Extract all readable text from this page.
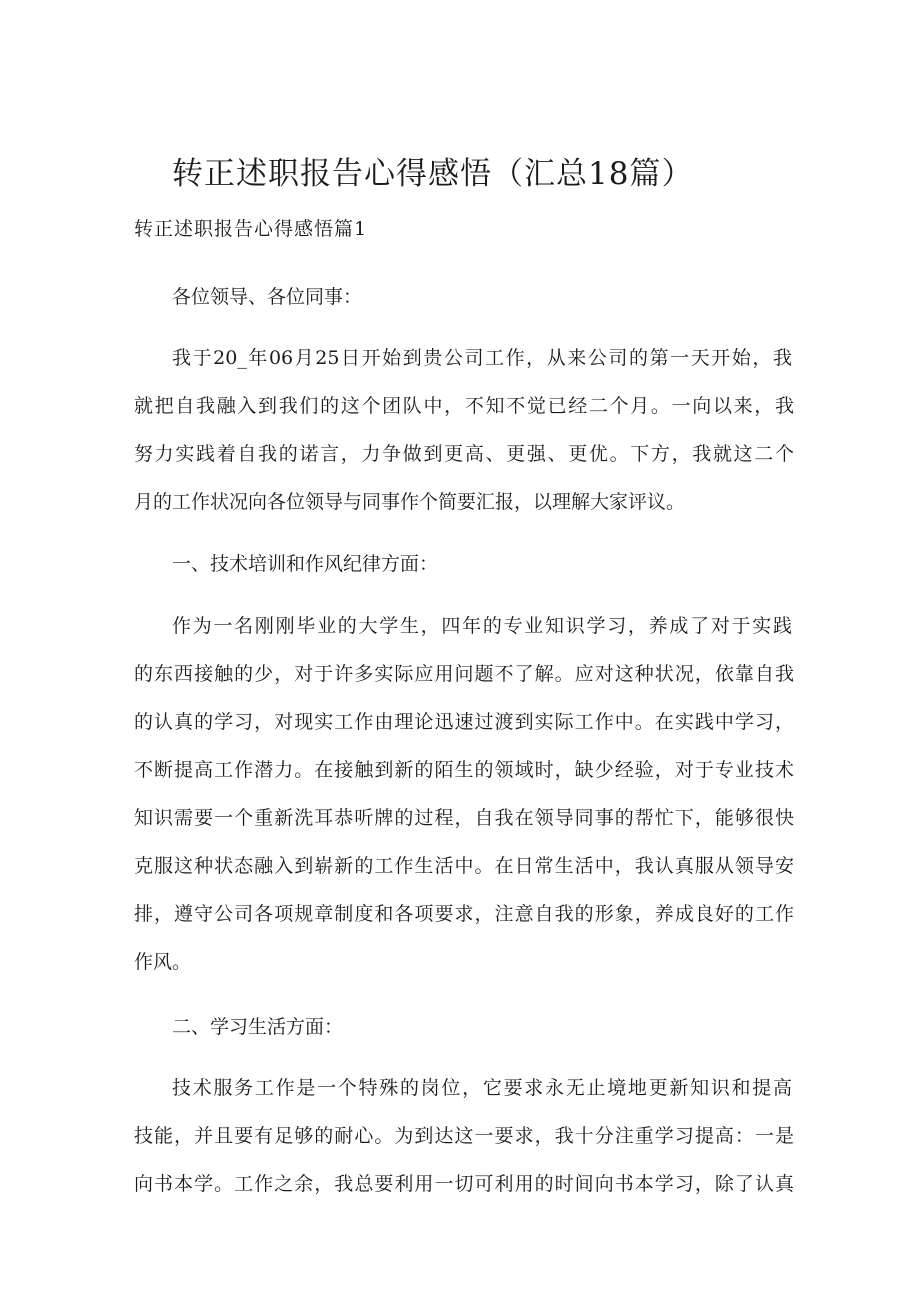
转正述职报告心得感悟（汇总18篇）
转正述职报告心得感悟篇1
各位领导、各位同事：
我于20_年06月25日开始到贵公司工作，从来公司的第一天开始，我
就把自我融入到我们的这个团队中，不知不觉已经二个月。一向以来，我
努力实践着自我的诺言，力争做到更高、更强、更优。下方，我就这二个
月的工作状况向各位领导与同事作个简要汇报，以理解大家评议。
一、技术培训和作风纪律方面：
作为一名刚刚毕业的大学生，四年的专业知识学习，养成了对于实践
的东西接触的少，对于许多实际应用问题不了解。应对这种状况，依靠自我
的认真的学习，对现实工作由理论迅速过渡到实际工作中。在实践中学习，
不断提高工作潜力。在接触到新的陌生的领域时，缺少经验，对于专业技术
知识需要一个重新洗耳恭听牌的过程，自我在领导同事的帮忙下，能够很快
克服这种状态融入到崭新的工作生活中。在日常生活中，我认真服从领导安
排，遵守公司各项规章制度和各项要求，注意自我的形象，养成良好的工作
作风。
二、学习生活方面：
技术服务工作是一个特殊的岗位，它要求永无止境地更新知识和提高
技能，并且要有足够的耐心。为到达这一要求，我十分注重学习提高：一是
向书本学。工作之余，我总要利用一切可利用的时间向书本学习，除了认真
